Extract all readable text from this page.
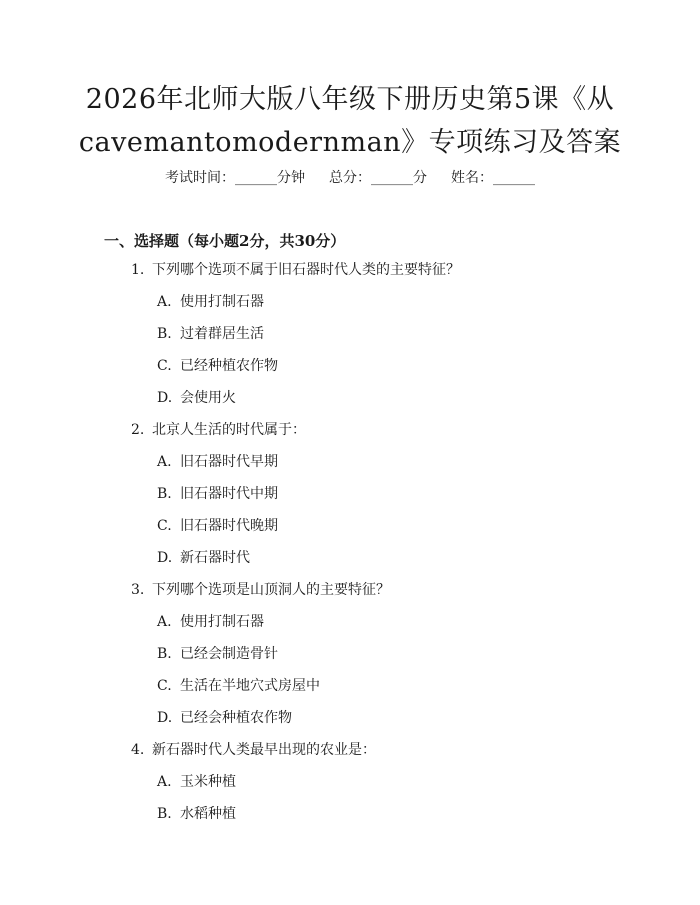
2026年北师大版八年级下册历史第5课《从cavemantomodernman》专项练习及答案
考试时间：______分钟 总分：______分 姓名：______
一、选择题（每小题2分，共30分）
1. 下列哪个选项不属于旧石器时代人类的主要特征？
A. 使用打制石器
B. 过着群居生活
C. 已经种植农作物
D. 会使用火
2. 北京人生活的时代属于：
A. 旧石器时代早期
B. 旧石器时代中期
C. 旧石器时代晚期
D. 新石器时代
3. 下列哪个选项是山顶洞人的主要特征？
A. 使用打制石器
B. 已经会制造骨针
C. 生活在半地穴式房屋中
D. 已经会种植农作物
4. 新石器时代人类最早出现的农业是：
A. 玉米种植
B. 水稻种植
